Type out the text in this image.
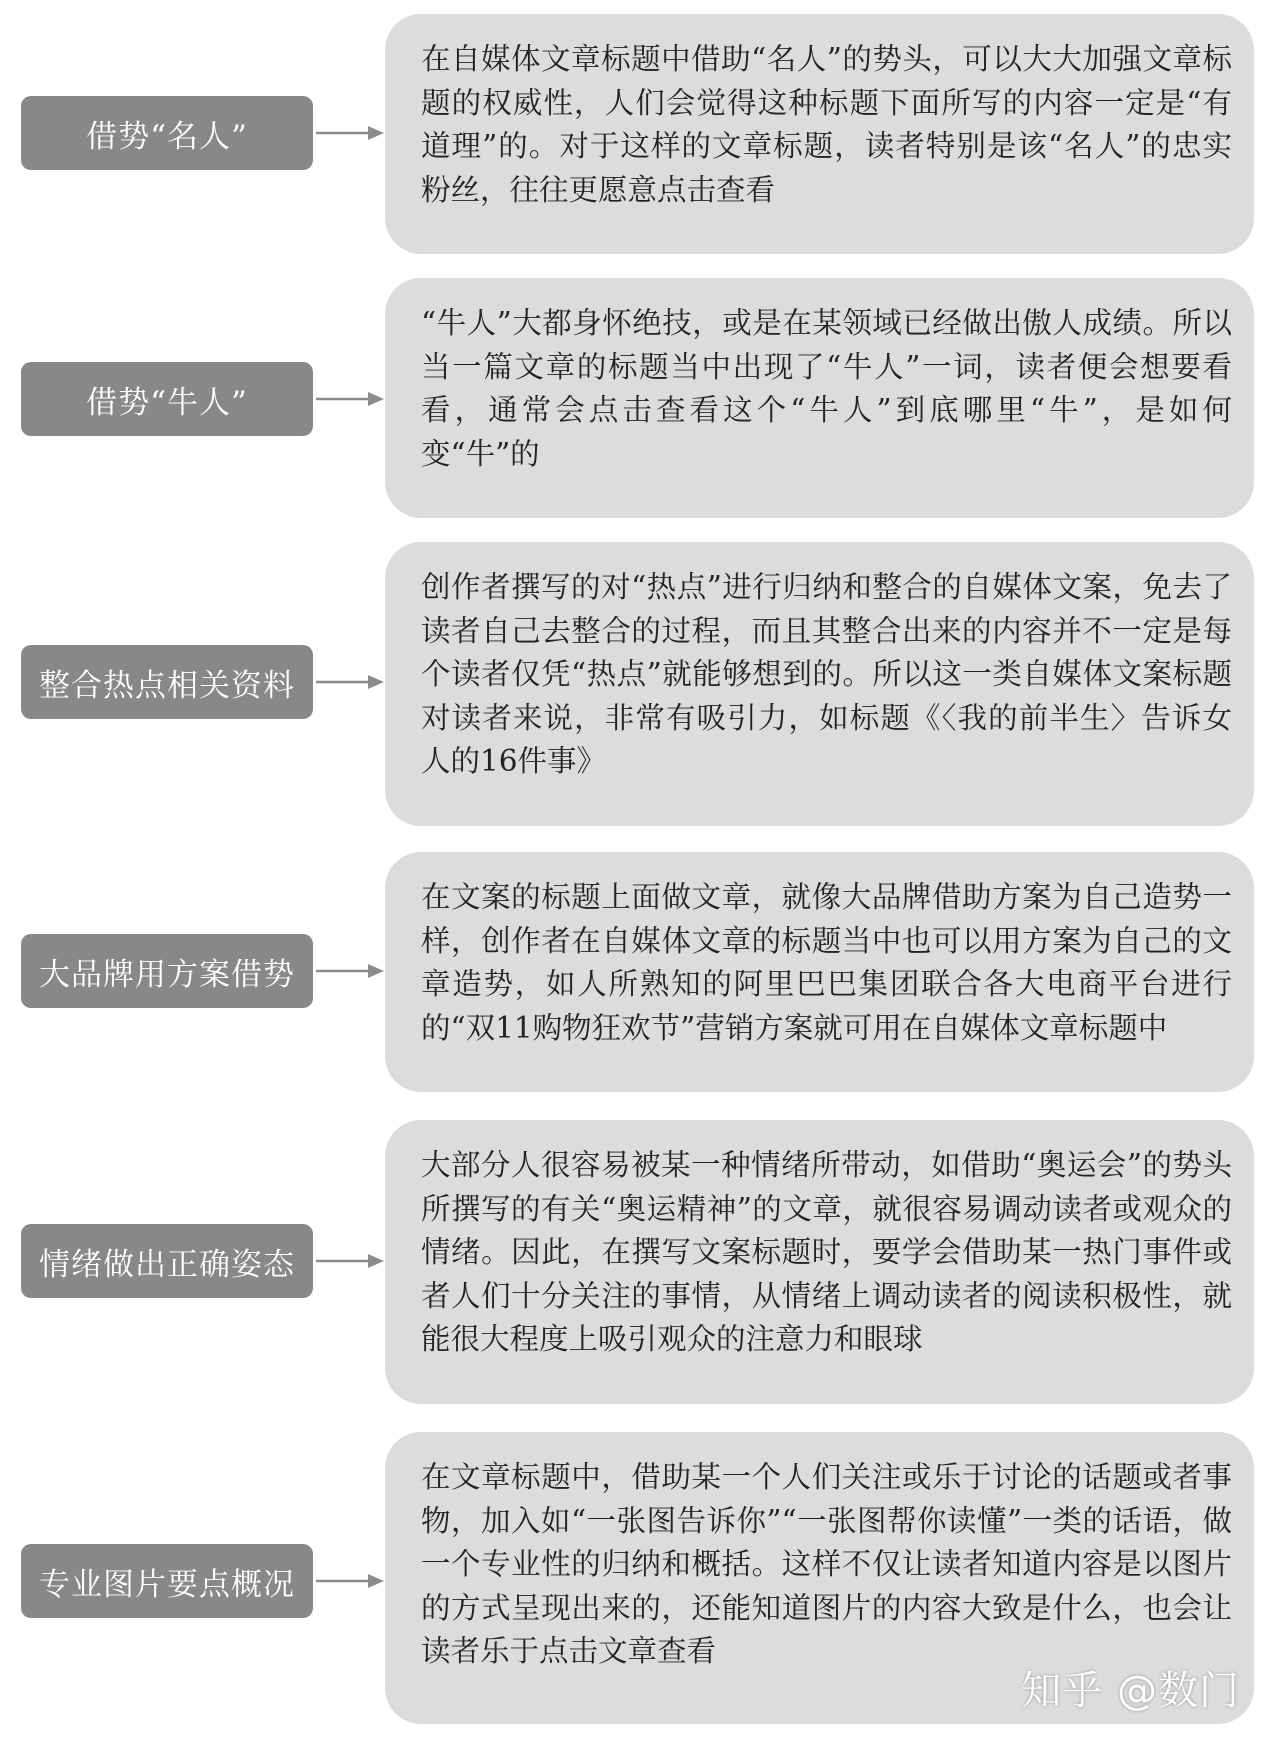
借势“名人”
在自媒体文章标题中借助“名人”的势头，可以大大加强文章标题的权威性，人们会觉得这种标题下面所写的内容一定是“有道理”的。对于这样的文章标题，读者特别是该“名人”的忠实粉丝，往往更愿意点击查看
借势“牛人”
“牛人”大都身怀绝技，或是在某领域已经做出傲人成绩。所以当一篇文章的标题当中出现了“牛人”一词，读者便会想要看看，通常会点击查看这个“牛人”到底哪里“牛”，是如何变“牛”的
整合热点相关资料
创作者撰写的对“热点”进行归纳和整合的自媒体文案，免去了读者自己去整合的过程，而且其整合出来的内容并不一定是每个读者仅凭“热点”就能够想到的。所以这一类自媒体文案标题对读者来说，非常有吸引力，如标题《〈我的前半生〉告诉女人的16件事》
大品牌用方案借势
在文案的标题上面做文章，就像大品牌借助方案为自己造势一样，创作者在自媒体文章的标题当中也可以用方案为自己的文章造势，如人所熟知的阿里巴巴集团联合各大电商平台进行的“双11购物狂欢节”营销方案就可用在自媒体文章标题中
情绪做出正确姿态
大部分人很容易被某一种情绪所带动，如借助“奥运会”的势头所撰写的有关“奥运精神”的文章，就很容易调动读者或观众的情绪。因此，在撰写文案标题时，要学会借助某一热门事件或者人们十分关注的事情，从情绪上调动读者的阅读积极性，就能很大程度上吸引观众的注意力和眼球
专业图片要点概况
在文章标题中，借助某一个人们关注或乐于讨论的话题或者事物，加入如“一张图告诉你”“一张图帮你读懂”一类的话语，做一个专业性的归纳和概括。这样不仅让读者知道内容是以图片的方式呈现出来的，还能知道图片的内容大致是什么，也会让读者乐于点击文章查看
知乎 @数门
